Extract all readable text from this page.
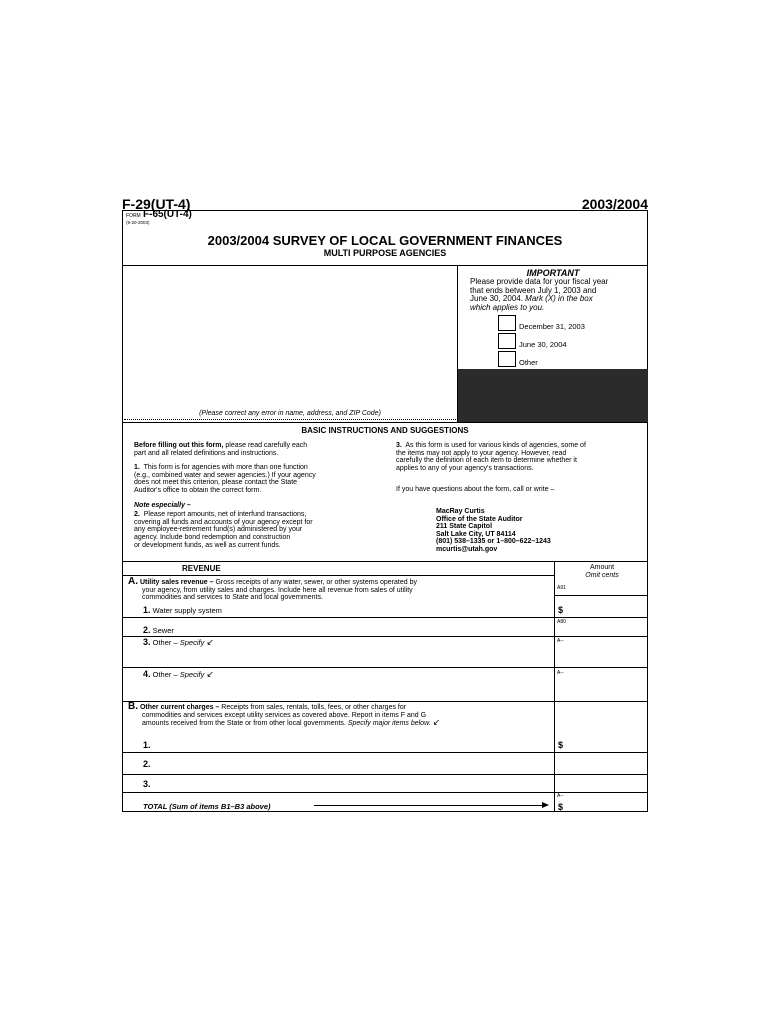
F-29(UT-4)	2003/2004
FORM F-65(UT-4)
(9-20-2003)
2003/2004 SURVEY OF LOCAL GOVERNMENT FINANCES
MULTI PURPOSE AGENCIES
IMPORTANT
Please provide data for your fiscal year
that ends between July 1, 2003 and
June 30, 2004. Mark (X) in the box
which applies to you.
December 31, 2003
June 30, 2004
Other
(Please correct any error in name, address, and ZIP Code)
BASIC INSTRUCTIONS AND SUGGESTIONS
Before filling out this form, please read carefully each
part and all related definitions and instructions.
1. This form is for agencies with more than one function
(e.g., combined water and sewer agencies.) If your agency
does not meet this criterion, please contact the State
Auditor's office to obtain the correct form.
Note especially –
2. Please report amounts, net of interfund transactions,
covering all funds and accounts of your agency except for
any employee-retirement fund(s) administered by your
agency. Include bond redemption and construction
or development funds, as well as current funds.
3. As this form is used for various kinds of agencies, some of
the items may not apply to your agency. However, read
carefully the definition of each item to determine whether it
applies to any of your agency's transactions.
If you have questions about the form, call or write –
MacRay Curtis
Office of the State Auditor
211 State Capitol
Salt Lake City, UT 84114
(801) 538–1335 or 1–800–622–1243
mcurtis@utah.gov
REVENUE	Amount
Omit cents
A. Utility sales revenue – Gross receipts of any water, sewer, or other systems operated by
your agency, from utility sales and charges. Include here all revenue from sales of utility
commodities and services to State and local governments.
A91
1. Water supply system	$
A80
2. Sewer
3. Other – Specify ↙	A--
4. Other – Specify ↙	A--
B. Other current charges – Receipts from sales, rentals, tolls, fees, or other charges for
commodities and services except utility services as covered above. Report in items F and G
amounts received from the State or from other local governments. Specify major items below. ↙
1.	$
2.
3.
A--
TOTAL (Sum of items B1–B3 above)	$
